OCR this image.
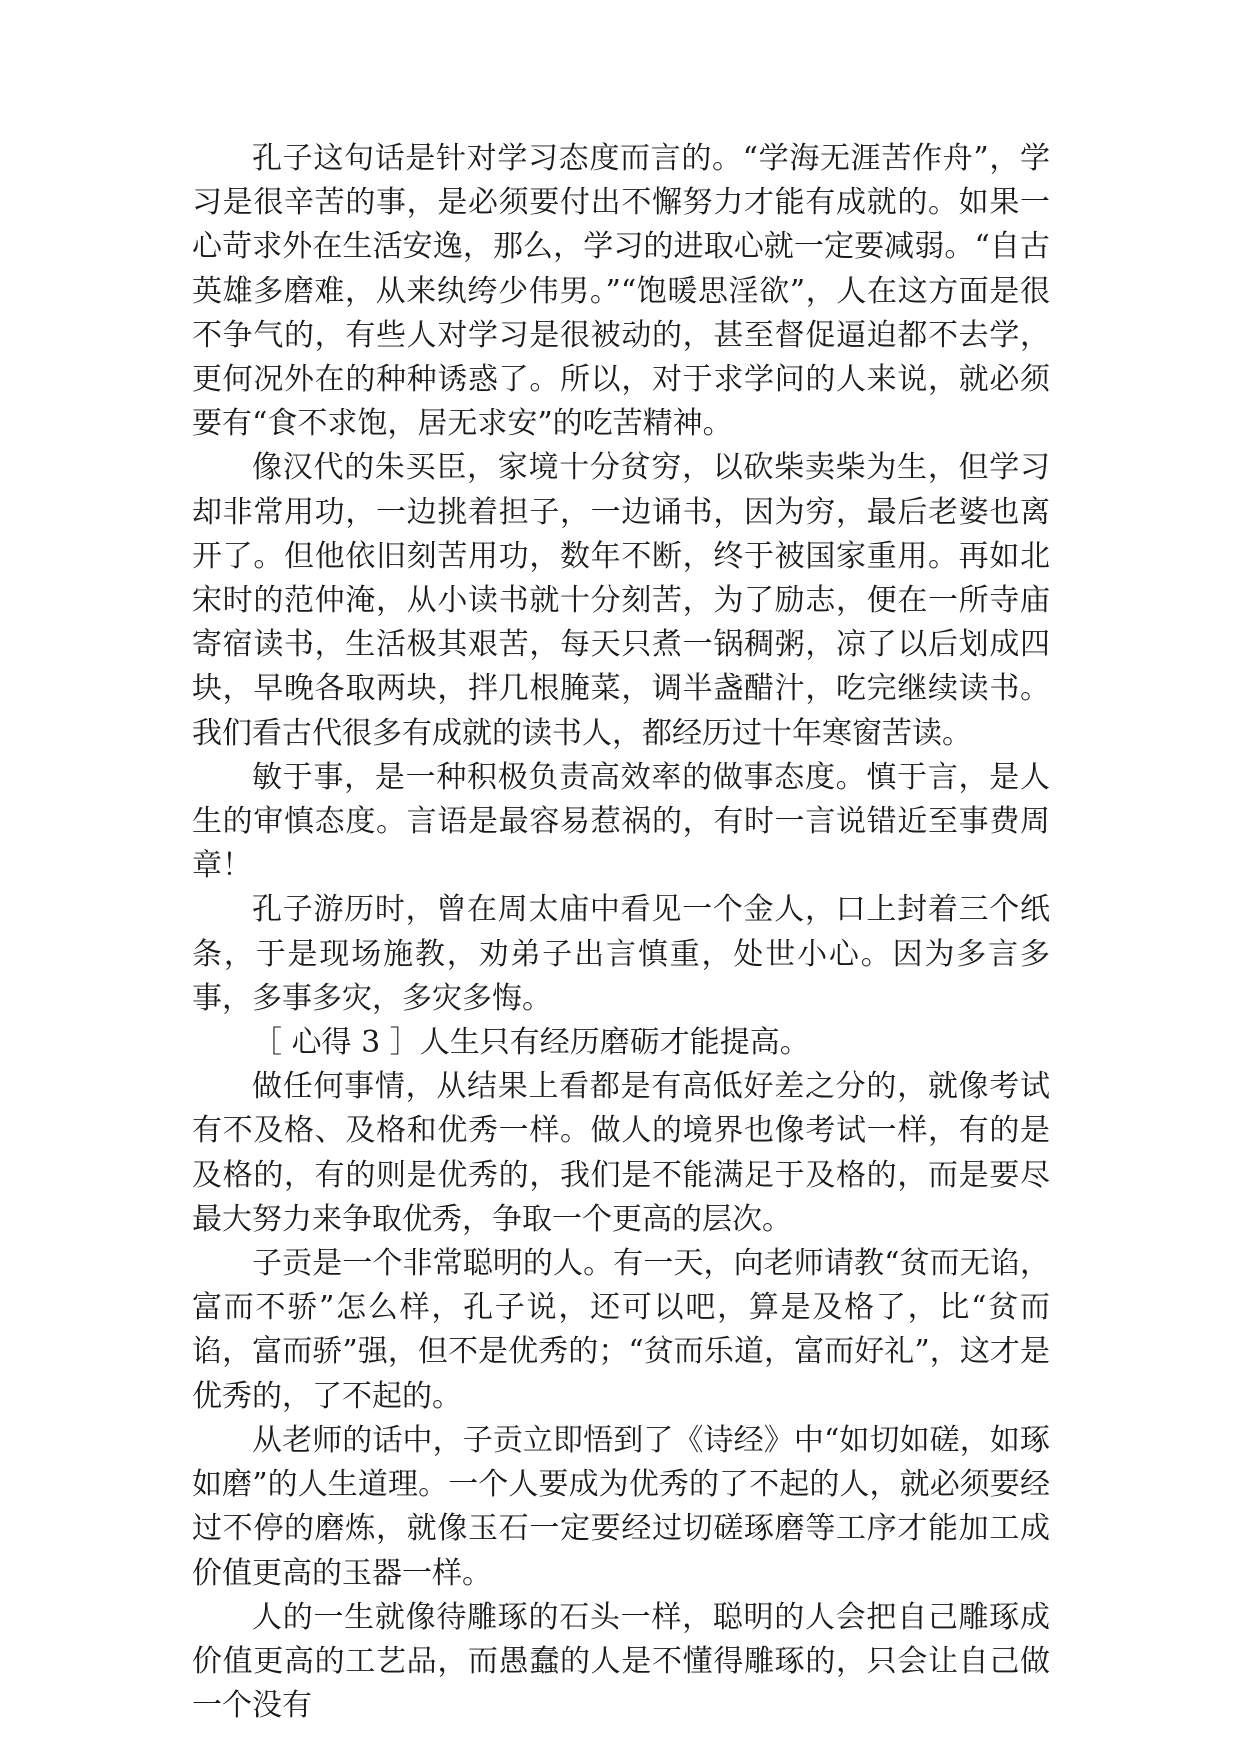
孔子这句话是针对学习态度而言的。“学海无涯苦作舟”，学习是很辛苦的事，是必须要付出不懈努力才能有成就的。如果一心苛求外在生活安逸，那么，学习的进取心就一定要减弱。“自古英雄多磨难，从来纨绔少伟男。”“饱暖思淫欲”，人在这方面是很不争气的，有些人对学习是很被动的，甚至督促逼迫都不去学，更何况外在的种种诱惑了。所以，对于求学问的人来说，就必须要有“食不求饱，居无求安”的吃苦精神。

像汉代的朱买臣，家境十分贫穷，以砍柴卖柴为生，但学习却非常用功，一边挑着担子，一边诵书，因为穷，最后老婆也离开了。但他依旧刻苦用功，数年不断，终于被国家重用。再如北宋时的范仲淹，从小读书就十分刻苦，为了励志，便在一所寺庙寄宿读书，生活极其艰苦，每天只煮一锅稠粥，凉了以后划成四块，早晚各取两块，拌几根腌菜，调半盏醋汁，吃完继续读书。我们看古代很多有成就的读书人，都经历过十年寒窗苦读。

敏于事，是一种积极负责高效率的做事态度。慎于言，是人生的审慎态度。言语是最容易惹祸的，有时一言说错近至事费周章！

孔子游历时，曾在周太庙中看见一个金人，口上封着三个纸条，于是现场施教，劝弟子出言慎重，处世小心。因为多言多事，多事多灾，多灾多悔。

［ 心得 3 ］人生只有经历磨砺才能提高。

做任何事情，从结果上看都是有高低好差之分的，就像考试有不及格、及格和优秀一样。做人的境界也像考试一样，有的是及格的，有的则是优秀的，我们是不能满足于及格的，而是要尽最大努力来争取优秀，争取一个更高的层次。

子贡是一个非常聪明的人。有一天，向老师请教“贫而无谄，富而不骄”怎么样，孔子说，还可以吧，算是及格了，比“贫而谄，富而骄”强，但不是优秀的；“贫而乐道，富而好礼”，这才是优秀的，了不起的。

从老师的话中，子贡立即悟到了《诗经》中“如切如磋，如琢如磨”的人生道理。一个人要成为优秀的了不起的人，就必须要经过不停的磨炼，就像玉石一定要经过切磋琢磨等工序才能加工成价值更高的玉器一样。

人的一生就像待雕琢的石头一样，聪明的人会把自己雕琢成价值更高的工艺品，而愚蠢的人是不懂得雕琢的，只会让自己做一个没有
